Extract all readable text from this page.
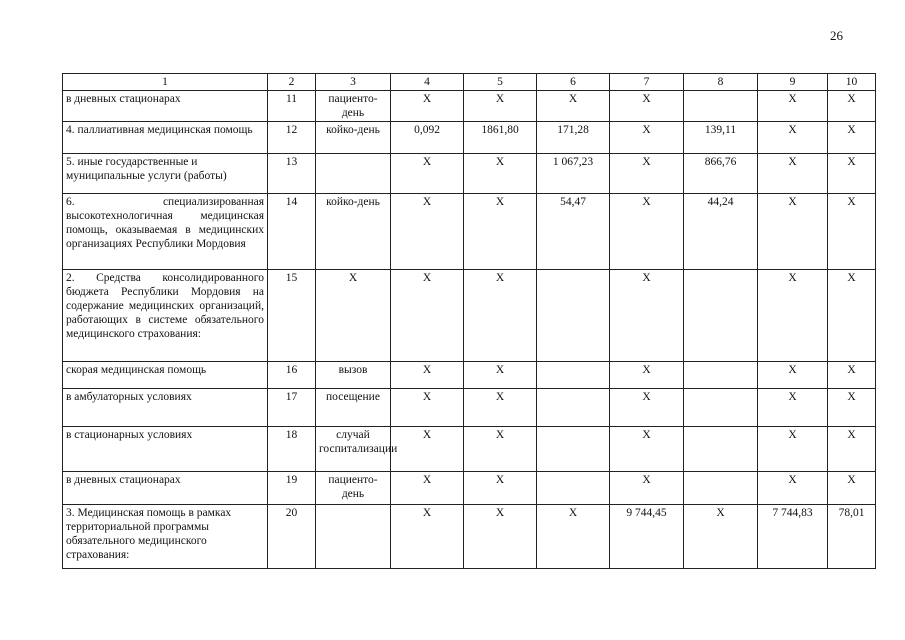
26
1	2	3	4	5	6	7	8	9	10
в дневных стационарах	11	пациенто-день	Х	Х	Х	Х		Х	Х
4. паллиативная медицинская помощь	12	койко-день	0,092	1861,80	171,28	Х	139,11	Х	Х
5. иные государственные и муниципальные услуги (работы)	13		Х	Х	1 067,23	Х	866,76	Х	Х
6. специализированная высокотехнологичная медицинская помощь, оказываемая в медицинских организациях Республики Мордовия	14	койко-день	Х	Х	54,47	Х	44,24	Х	Х
2. Средства консолидированного бюджета Республики Мордовия на содержание медицинских организаций, работающих в системе обязательного медицинского страхования:	15	Х	Х	Х		Х		Х	Х
скорая медицинская помощь	16	вызов	Х	Х		Х		Х	Х
в амбулаторных условиях	17	посещение	Х	Х		Х		Х	Х
в стационарных условиях	18	случай госпитализации	Х	Х		Х		Х	Х
в дневных стационарах	19	пациенто-день	Х	Х		Х		Х	Х
3. Медицинская помощь в рамках территориальной программы обязательного медицинского страхования:	20		Х	Х	Х	9 744,45	Х	7 744,83	78,01
